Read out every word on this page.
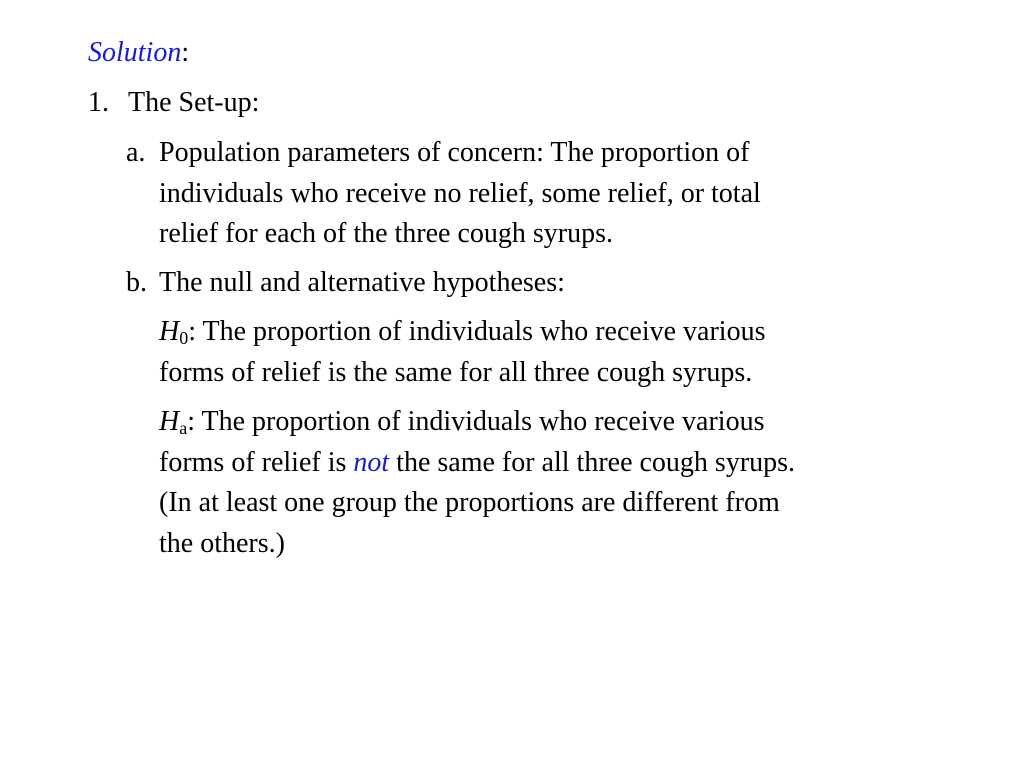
Solution:
1. The Set-up:
a. Population parameters of concern: The proportion of
individuals who receive no relief, some relief, or total
relief for each of the three cough syrups.
b. The null and alternative hypotheses:
$H_0$: The proportion of individuals who receive various
forms of relief is the same for all three cough syrups.
$H_a$: The proportion of individuals who receive various
forms of relief is not the same for all three cough syrups.
(In at least one group the proportions are different from
the others.)
